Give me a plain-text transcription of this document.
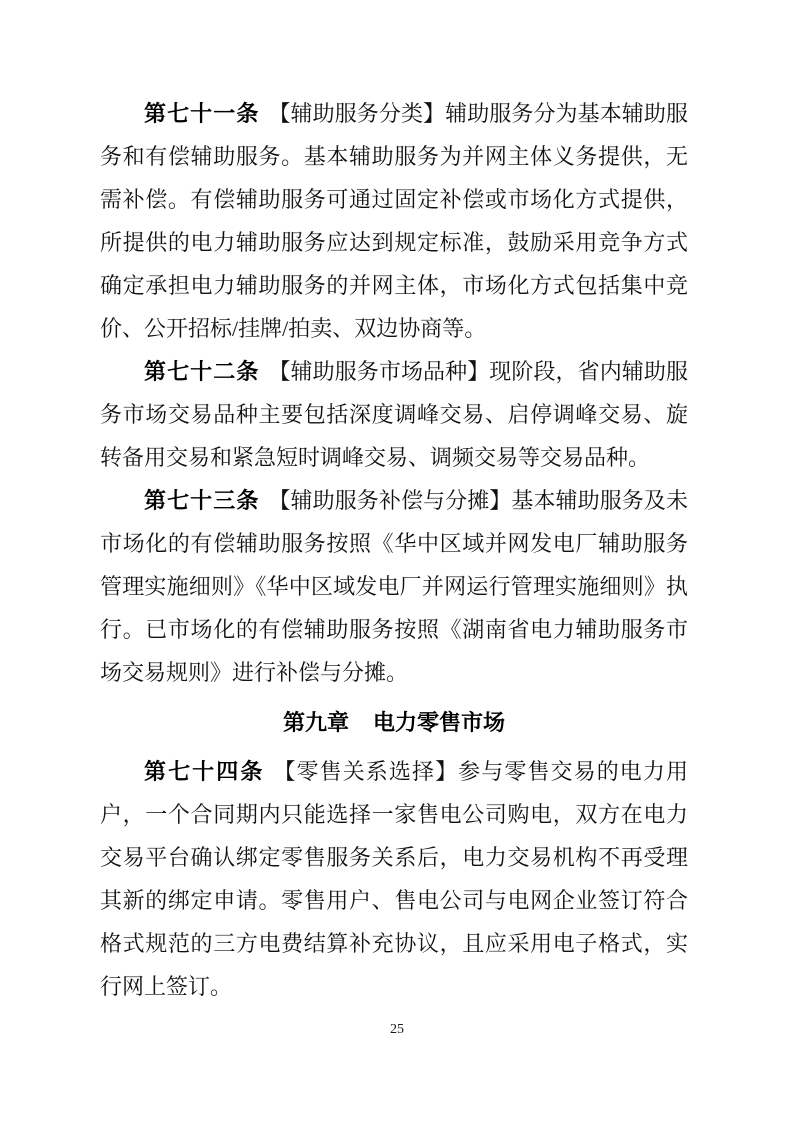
第七十一条 【辅助服务分类】辅助服务分为基本辅助服务和有偿辅助服务。基本辅助服务为并网主体义务提供，无需补偿。有偿辅助服务可通过固定补偿或市场化方式提供，所提供的电力辅助服务应达到规定标准，鼓励采用竞争方式确定承担电力辅助服务的并网主体，市场化方式包括集中竞价、公开招标/挂牌/拍卖、双边协商等。

第七十二条 【辅助服务市场品种】现阶段，省内辅助服务市场交易品种主要包括深度调峰交易、启停调峰交易、旋转备用交易和紧急短时调峰交易、调频交易等交易品种。

第七十三条 【辅助服务补偿与分摊】基本辅助服务及未市场化的有偿辅助服务按照《华中区域并网发电厂辅助服务管理实施细则》《华中区域发电厂并网运行管理实施细则》执行。已市场化的有偿辅助服务按照《湖南省电力辅助服务市场交易规则》进行补偿与分摊。

第九章 电力零售市场

第七十四条 【零售关系选择】参与零售交易的电力用户，一个合同期内只能选择一家售电公司购电，双方在电力交易平台确认绑定零售服务关系后，电力交易机构不再受理其新的绑定申请。零售用户、售电公司与电网企业签订符合格式规范的三方电费结算补充协议，且应采用电子格式，实行网上签订。

25
